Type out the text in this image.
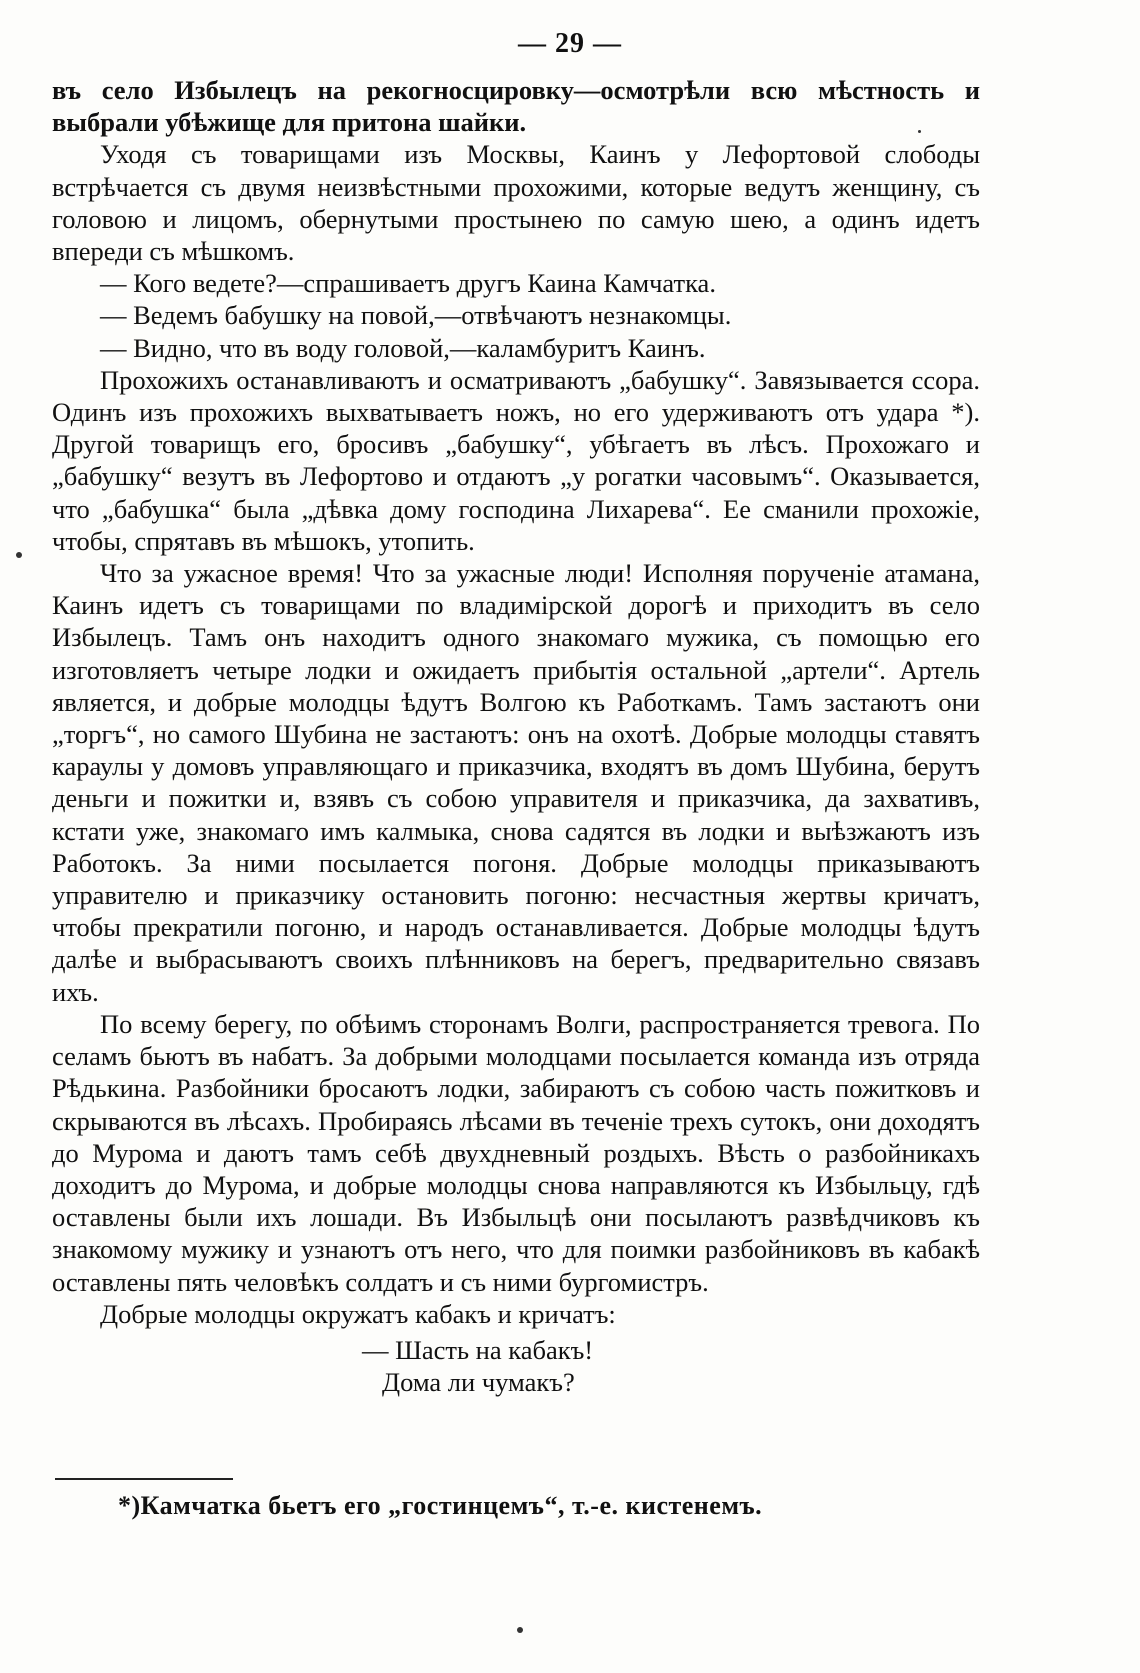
— 29 —

въ село Избылецъ на рекогносцировку—осмотрѣли всю мѣстность и выбрали убѣжище для притона шайки.

Уходя съ товарищами изъ Москвы, Каинъ у Лефортовой слободы встрѣчается съ двумя неизвѣстными прохожими, которые ведутъ женщину, съ головою и лицомъ, обернутыми простынею по самую шею, а одинъ идетъ впереди съ мѣшкомъ.

— Кого ведете?—спрашиваетъ другъ Каина Камчатка.

— Ведемъ бабушку на повой,—отвѣчаютъ незнакомцы.

— Видно, что въ воду головой,—каламбуритъ Каинъ.

Прохожихъ останавливаютъ и осматриваютъ „бабушку“. Завязывается ссора. Одинъ изъ прохожихъ выхватываетъ ножъ, но его удерживаютъ отъ удара *). Другой товарищъ его, бросивъ „бабушку“, убѣгаетъ въ лѣсъ. Прохожаго и „бабушку“ везутъ въ Лефортово и отдаютъ „у рогатки часовымъ“. Оказывается, что „бабушка“ была „дѣвка дому господина Лихарева“. Ее сманили прохожіе, чтобы, спрятавъ въ мѣшокъ, утопить.

Что за ужасное время! Что за ужасные люди! Исполняя порученіе атамана, Каинъ идетъ съ товарищами по владимірской дорогѣ и приходитъ въ село Избылецъ. Тамъ онъ находитъ одного знакомаго мужика, съ помощью его изготовляетъ четыре лодки и ожидаетъ прибытія остальной „артели“. Артель является, и добрые молодцы ѣдутъ Волгою къ Работкамъ. Тамъ застаютъ они „торгъ“, но самого Шубина не застаютъ: онъ на охотѣ. Добрые молодцы ставятъ караулы у домовъ управляющаго и приказчика, входятъ въ домъ Шубина, берутъ деньги и пожитки и, взявъ съ собою управителя и приказчика, да захвативъ, кстати уже, знакомаго имъ калмыка, снова садятся въ лодки и выѣзжаютъ изъ Работокъ. За ними посылается погоня. Добрые молодцы приказываютъ управителю и приказчику остановить погоню: несчастныя жертвы кричатъ, чтобы прекратили погоню, и народъ останавливается. Добрые молодцы ѣдутъ далѣе и выбрасываютъ своихъ плѣнниковъ на берегъ, предварительно связавъ ихъ.

По всему берегу, по обѣимъ сторонамъ Волги, распространяется тревога. По селамъ бьютъ въ набатъ. За добрыми молодцами посылается команда изъ отряда Рѣдькина. Разбойники бросаютъ лодки, забираютъ съ собою часть пожитковъ и скрываются въ лѣсахъ. Пробираясь лѣсами въ теченіе трехъ сутокъ, они доходятъ до Мурома и даютъ тамъ себѣ двухдневный роздыхъ. Вѣсть о разбойникахъ доходитъ до Мурома, и добрые молодцы снова направляются къ Избыльцу, гдѣ оставлены были ихъ лошади. Въ Избыльцѣ они посылаютъ развѣдчиковъ къ знакомому мужику и узнаютъ отъ него, что для поимки разбойниковъ въ кабакѣ оставлены пять человѣкъ солдатъ и съ ними бургомистръ.

Добрые молодцы окружатъ кабакъ и кричатъ:

— Шасть на кабакъ!
Дома ли чумакъ?
*)Камчатка бьетъ его „гостинцемъ“, т.-е. кистенемъ.
